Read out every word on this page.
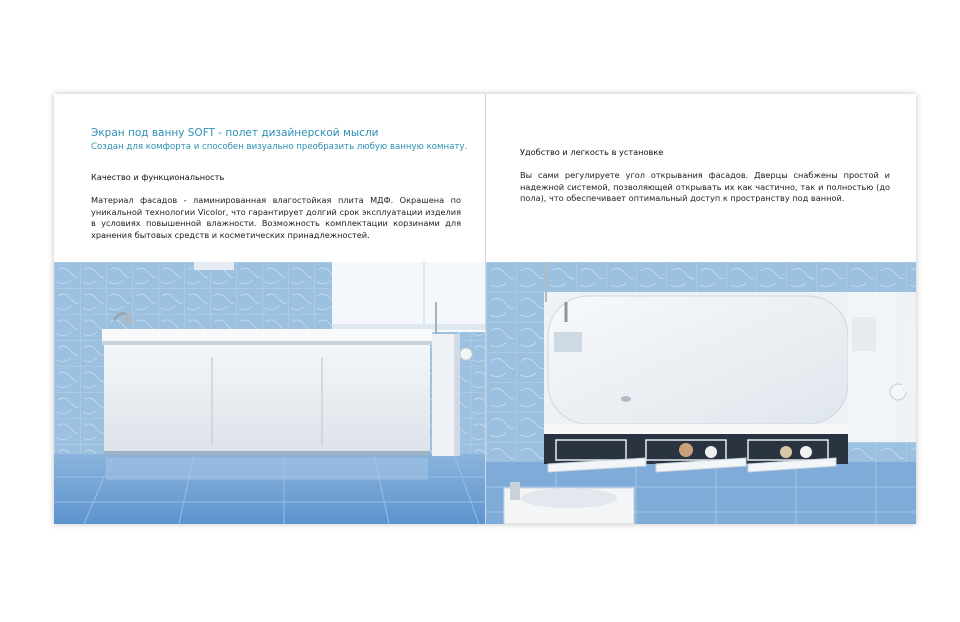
Экран под ванну SOFT - полет дизайнерской мысли
Создан для комфорта и способен визуально преобразить любую ванную комнату.
Качество и функциональность

Материал фасадов - ламинированная влагостойкая плита МДФ. Окрашена по уникальной технологии Vicolor, что гарантирует долгий срок эксплуатации изделия в условиях повышенной влажности. Возможность комплектации корзинами для хранения бытовых средств и косметических принадлежностей.

Удобство и легкость в установке

Вы сами регулируете угол открывания фасадов. Дверцы снабжены простой и надежной системой, позволяющей открывать их как частично, так и полностью (до пола), что обеспечивает оптимальный доступ к пространству под ванной.
